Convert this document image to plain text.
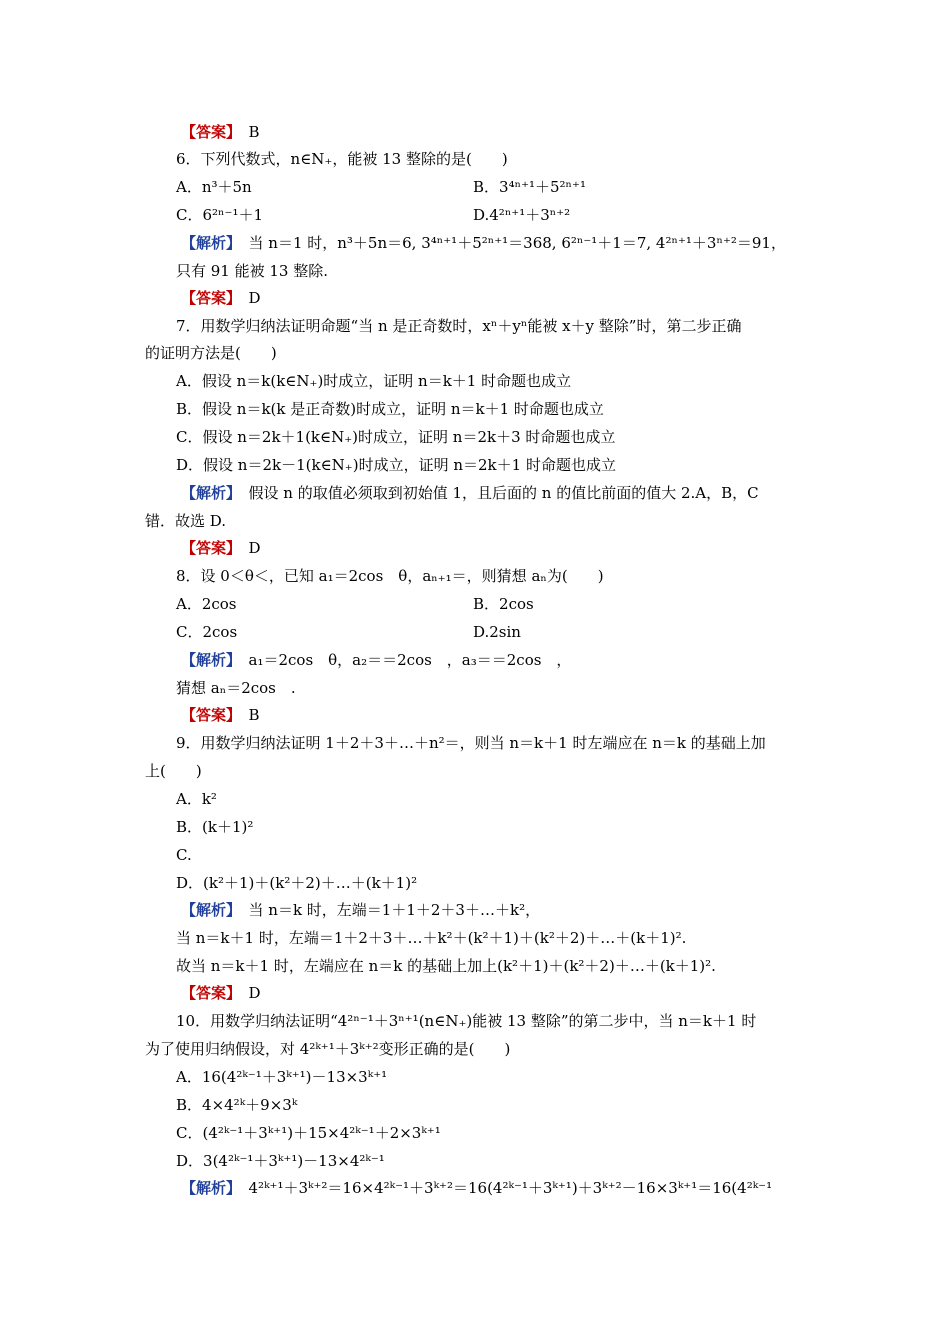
【答案】　B
6．下列代数式，n∈N₊，能被 13 整除的是(　　)
A．n³＋5n	B．3⁴ⁿ⁺¹＋5²ⁿ⁺¹
C．6²ⁿ⁻¹＋1	D.4²ⁿ⁺¹＋3ⁿ⁺²
【解析】　当 n＝1 时，n³＋5n＝6, 3⁴ⁿ⁺¹＋5²ⁿ⁺¹＝368, 6²ⁿ⁻¹＋1＝7, 4²ⁿ⁺¹＋3ⁿ⁺²＝91，
只有 91 能被 13 整除.
【答案】　D
7．用数学归纳法证明命题“当 n 是正奇数时，xⁿ＋yⁿ能被 x＋y 整除”时，第二步正确
的证明方法是(　　)
A．假设 n＝k(k∈N₊)时成立，证明 n＝k＋1 时命题也成立
B．假设 n＝k(k 是正奇数)时成立，证明 n＝k＋1 时命题也成立
C．假设 n＝2k＋1(k∈N₊)时成立，证明 n＝2k＋3 时命题也成立
D．假设 n＝2k－1(k∈N₊)时成立，证明 n＝2k＋1 时命题也成立
【解析】　假设 n 的取值必须取到初始值 1，且后面的 n 的值比前面的值大 2.A，B，C
错．故选 D.
【答案】　D
8．设 0＜θ＜，已知 a₁＝2cos　θ，aₙ₊₁＝，则猜想 aₙ为(　　)
A．2cos	B．2cos
C．2cos	D.2sin
【解析】　a₁＝2cos　θ，a₂＝＝2cos　，a₃＝＝2cos　，
猜想 aₙ＝2cos　.
【答案】　B
9．用数学归纳法证明 1＋2＋3＋…＋n²＝，则当 n＝k＋1 时左端应在 n＝k 的基础上加
上(　　)
A．k²
B．(k＋1)²
C.
D．(k²＋1)＋(k²＋2)＋…＋(k＋1)²
【解析】　当 n＝k 时，左端＝1＋1＋2＋3＋…＋k²，
当 n＝k＋1 时，左端＝1＋2＋3＋…＋k²＋(k²＋1)＋(k²＋2)＋…＋(k＋1)².
故当 n＝k＋1 时，左端应在 n＝k 的基础上加上(k²＋1)＋(k²＋2)＋…＋(k＋1)².
【答案】　D
10．用数学归纳法证明“4²ⁿ⁻¹＋3ⁿ⁺¹(n∈N₊)能被 13 整除”的第二步中，当 n＝k＋1 时
为了使用归纳假设，对 4²ᵏ⁺¹＋3ᵏ⁺²变形正确的是(　　)
A．16(4²ᵏ⁻¹＋3ᵏ⁺¹)－13×3ᵏ⁺¹
B．4×4²ᵏ＋9×3ᵏ
C．(4²ᵏ⁻¹＋3ᵏ⁺¹)＋15×4²ᵏ⁻¹＋2×3ᵏ⁺¹
D．3(4²ᵏ⁻¹＋3ᵏ⁺¹)－13×4²ᵏ⁻¹
【解析】　4²ᵏ⁺¹＋3ᵏ⁺²＝16×4²ᵏ⁻¹＋3ᵏ⁺²＝16(4²ᵏ⁻¹＋3ᵏ⁺¹)＋3ᵏ⁺²－16×3ᵏ⁺¹＝16(4²ᵏ⁻¹
